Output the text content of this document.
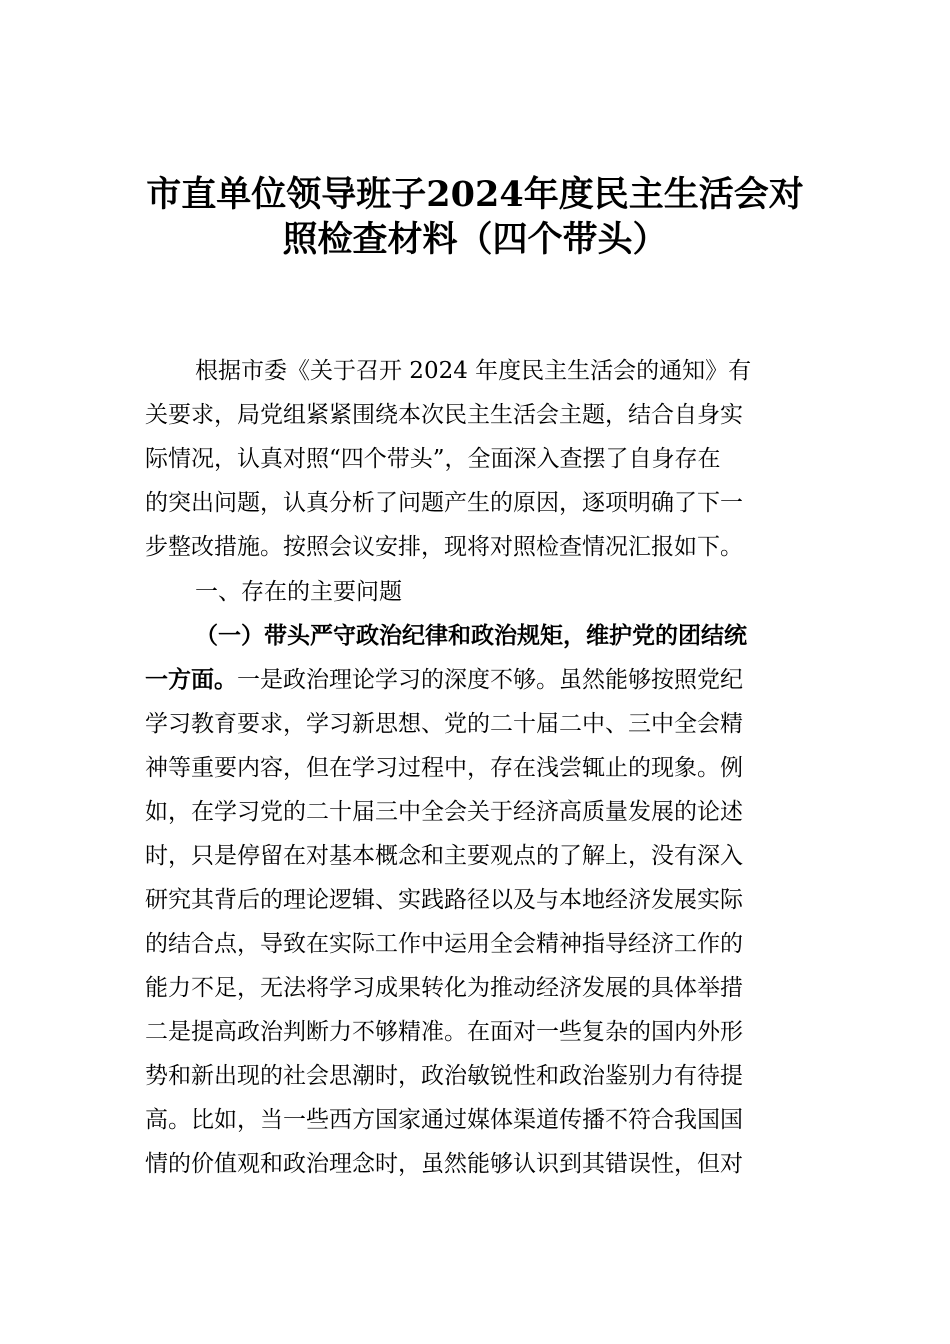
市直单位领导班子2024年度民主生活会对
照检查材料（四个带头）
根据市委《关于召开 2024 年度民主生活会的通知》有
关要求，局党组紧紧围绕本次民主生活会主题，结合自身实
际情况，认真对照“四个带头”，全面深入查摆了自身存在
的突出问题，认真分析了问题产生的原因，逐项明确了下一
步整改措施。按照会议安排，现将对照检查情况汇报如下。
一、存在的主要问题
（一）带头严守政治纪律和政治规矩，维护党的团结统
一方面。一是政治理论学习的深度不够。虽然能够按照党纪
学习教育要求，学习新思想、党的二十届二中、三中全会精
神等重要内容，但在学习过程中，存在浅尝辄止的现象。例
如，在学习党的二十届三中全会关于经济高质量发展的论述
时，只是停留在对基本概念和主要观点的了解上，没有深入
研究其背后的理论逻辑、实践路径以及与本地经济发展实际
的结合点，导致在实际工作中运用全会精神指导经济工作的
能力不足，无法将学习成果转化为推动经济发展的具体举措
二是提高政治判断力不够精准。在面对一些复杂的国内外形
势和新出现的社会思潮时，政治敏锐性和政治鉴别力有待提
高。比如，当一些西方国家通过媒体渠道传播不符合我国国
情的价值观和政治理念时，虽然能够认识到其错误性，但对
